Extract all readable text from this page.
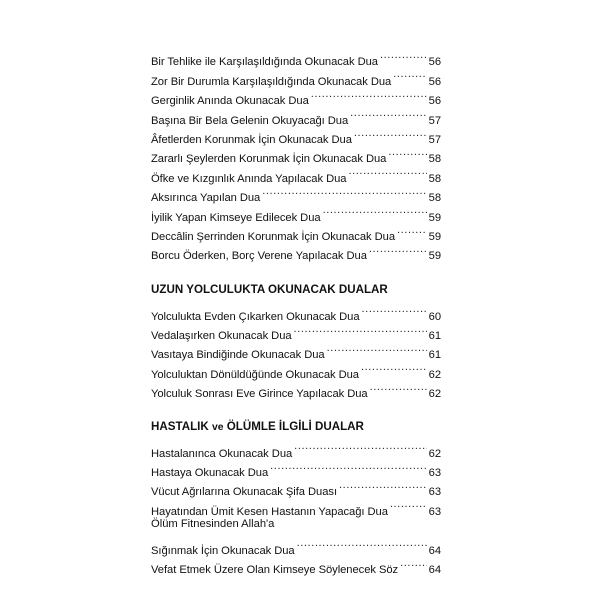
Bir Tehlike ile Karşılaşıldığında Okunacak Dua .....	56
Zor Bir Durumla Karşılaşıldığında Okunacak Dua .....	56
Gerginlik Anında Okunacak Dua .....	56
Başına Bir Bela Gelenin Okuyacağı Dua .....	57
Âfetlerden Korunmak İçin Okunacak Dua .....	57
Zararlı Şeylerden Korunmak İçin Okunacak Dua .....	58
Öfke ve Kızgınlık Anında Yapılacak Dua .....	58
Aksırınca Yapılan Dua .....	58
İyilik Yapan Kimseye Edilecek Dua .....	59
Deccâlin Şerrinden Korunmak İçin Okunacak Dua .....	59
Borcu Öderken, Borç Verene Yapılacak Dua .....	59
UZUN YOLCULUKTA OKUNACAK DUALAR
Yolculukta Evden Çıkarken Okunacak Dua .....	60
Vedalaşırken Okunacak Dua .....	61
Vasıtaya Bindiğinde Okunacak Dua .....	61
Yolculuktan Dönüldüğünde Okunacak Dua .....	62
Yolculuk Sonrası Eve Girince Yapılacak Dua .....	62
HASTALIK ve ÖLÜMLE İLGİLİ DUALAR
Hastalanınca Okunacak Dua .....	62
Hastaya Okunacak Dua .....	63
Vücut Ağrılarına Okunacak Şifa Duası .....	63
Hayatından Ümit Kesen Hastanın Yapacağı Dua .....	63
Ölüm Fitnesinden Allah'a
Sığınmak İçin Okunacak Dua .....	64
Vefat Etmek Üzere Olan Kimseye Söylenecek Söz .....	64
